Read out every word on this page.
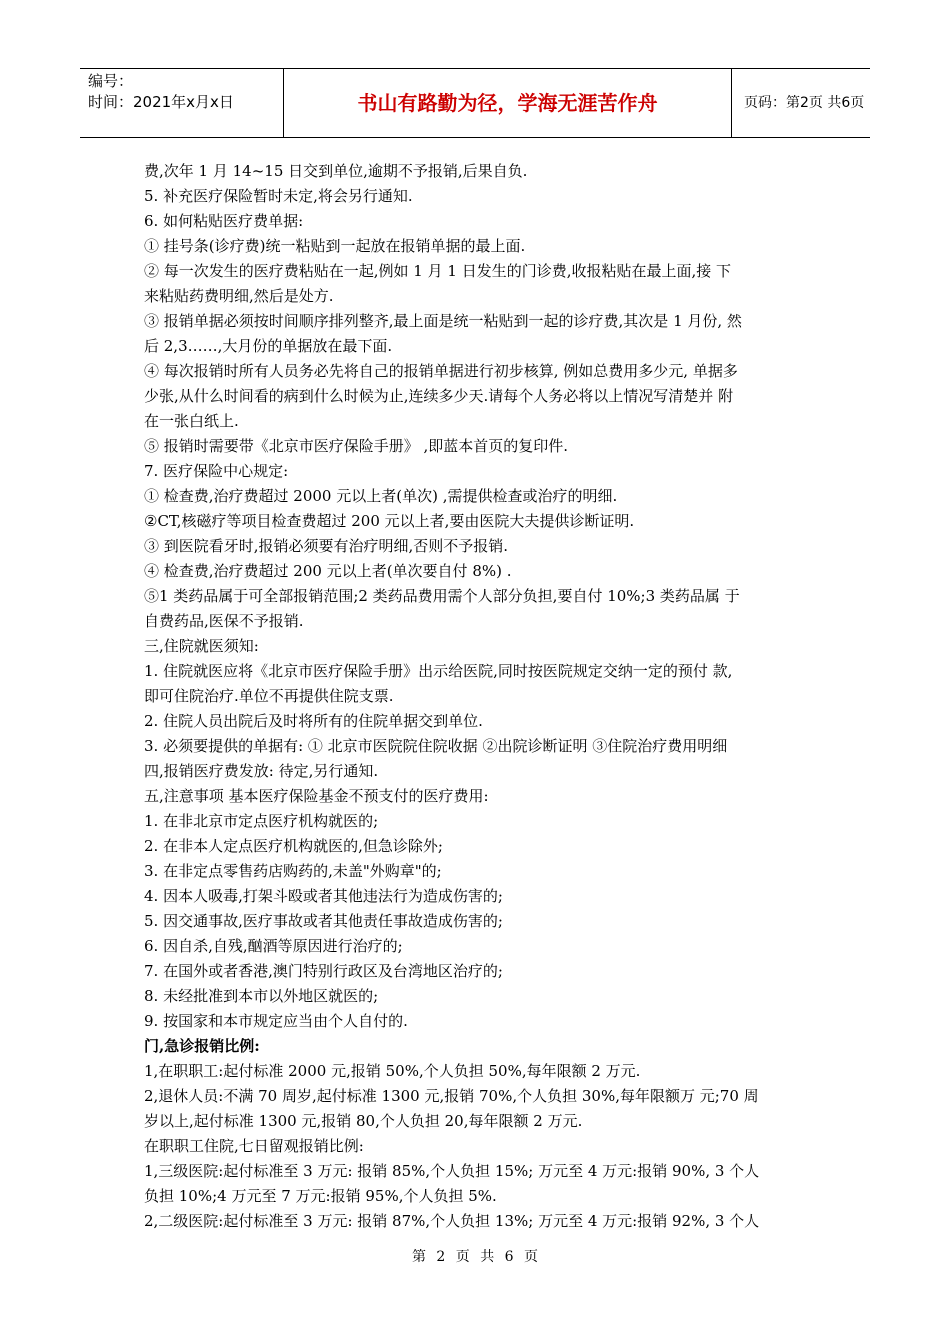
编号：
时间：2021年x月x日	书山有路勤为径，学海无涯苦作舟	页码：第2页 共6页
费,次年 1 月 14~15 日交到单位,逾期不予报销,后果自负.
5. 补充医疗保险暂时未定,将会另行通知.
6. 如何粘贴医疗费单据:
① 挂号条(诊疗费)统一粘贴到一起放在报销单据的最上面.
② 每一次发生的医疗费粘贴在一起,例如 1 月 1 日发生的门诊费,收报粘贴在最上面,接 下
来粘贴药费明细,然后是处方.
③ 报销单据必须按时间顺序排列整齐,最上面是统一粘贴到一起的诊疗费,其次是 1 月份, 然
后 2,3……,大月份的单据放在最下面.
④ 每次报销时所有人员务必先将自己的报销单据进行初步核算, 例如总费用多少元, 单据多
少张,从什么时间看的病到什么时候为止,连续多少天.请每个人务必将以上情况写清楚并 附
在一张白纸上.
⑤ 报销时需要带《北京市医疗保险手册》 ,即蓝本首页的复印件.
7. 医疗保险中心规定:
① 检查费,治疗费超过 2000 元以上者(单次) ,需提供检查或治疗的明细.
②CT,核磁疗等项目检查费超过 200 元以上者,要由医院大夫提供诊断证明.
③ 到医院看牙时,报销必须要有治疗明细,否则不予报销.
④ 检查费,治疗费超过 200 元以上者(单次要自付 8%) .
⑤1 类药品属于可全部报销范围;2 类药品费用需个人部分负担,要自付 10%;3 类药品属 于
自费药品,医保不予报销.
三,住院就医须知:
1. 住院就医应将《北京市医疗保险手册》出示给医院,同时按医院规定交纳一定的预付 款,
即可住院治疗.单位不再提供住院支票.
2. 住院人员出院后及时将所有的住院单据交到单位.
3. 必须要提供的单据有: ① 北京市医院院住院收据 ②出院诊断证明 ③住院治疗费用明细
四,报销医疗费发放: 待定,另行通知.
五,注意事项 基本医疗保险基金不预支付的医疗费用:
1. 在非北京市定点医疗机构就医的;
2. 在非本人定点医疗机构就医的,但急诊除外;
3. 在非定点零售药店购药的,未盖"外购章"的;
4. 因本人吸毒,打架斗殴或者其他违法行为造成伤害的;
5. 因交通事故,医疗事故或者其他责任事故造成伤害的;
6. 因自杀,自残,酗酒等原因进行治疗的;
7. 在国外或者香港,澳门特别行政区及台湾地区治疗的;
8. 未经批准到本市以外地区就医的;
9. 按国家和本市规定应当由个人自付的.
门,急诊报销比例:
1,在职职工:起付标准 2000 元,报销 50%,个人负担 50%,每年限额 2 万元.
2,退休人员:不满 70 周岁,起付标准 1300 元,报销 70%,个人负担 30%,每年限额万 元;70 周
岁以上,起付标准 1300 元,报销 80,个人负担 20,每年限额 2 万元.
在职职工住院,七日留观报销比例:
1,三级医院:起付标准至 3 万元: 报销 85%,个人负担 15%; 万元至 4 万元:报销 90%, 3 个人
负担 10%;4 万元至 7 万元:报销 95%,个人负担 5%.
2,二级医院:起付标准至 3 万元: 报销 87%,个人负担 13%; 万元至 4 万元:报销 92%, 3 个人
第 2 页 共 6 页
